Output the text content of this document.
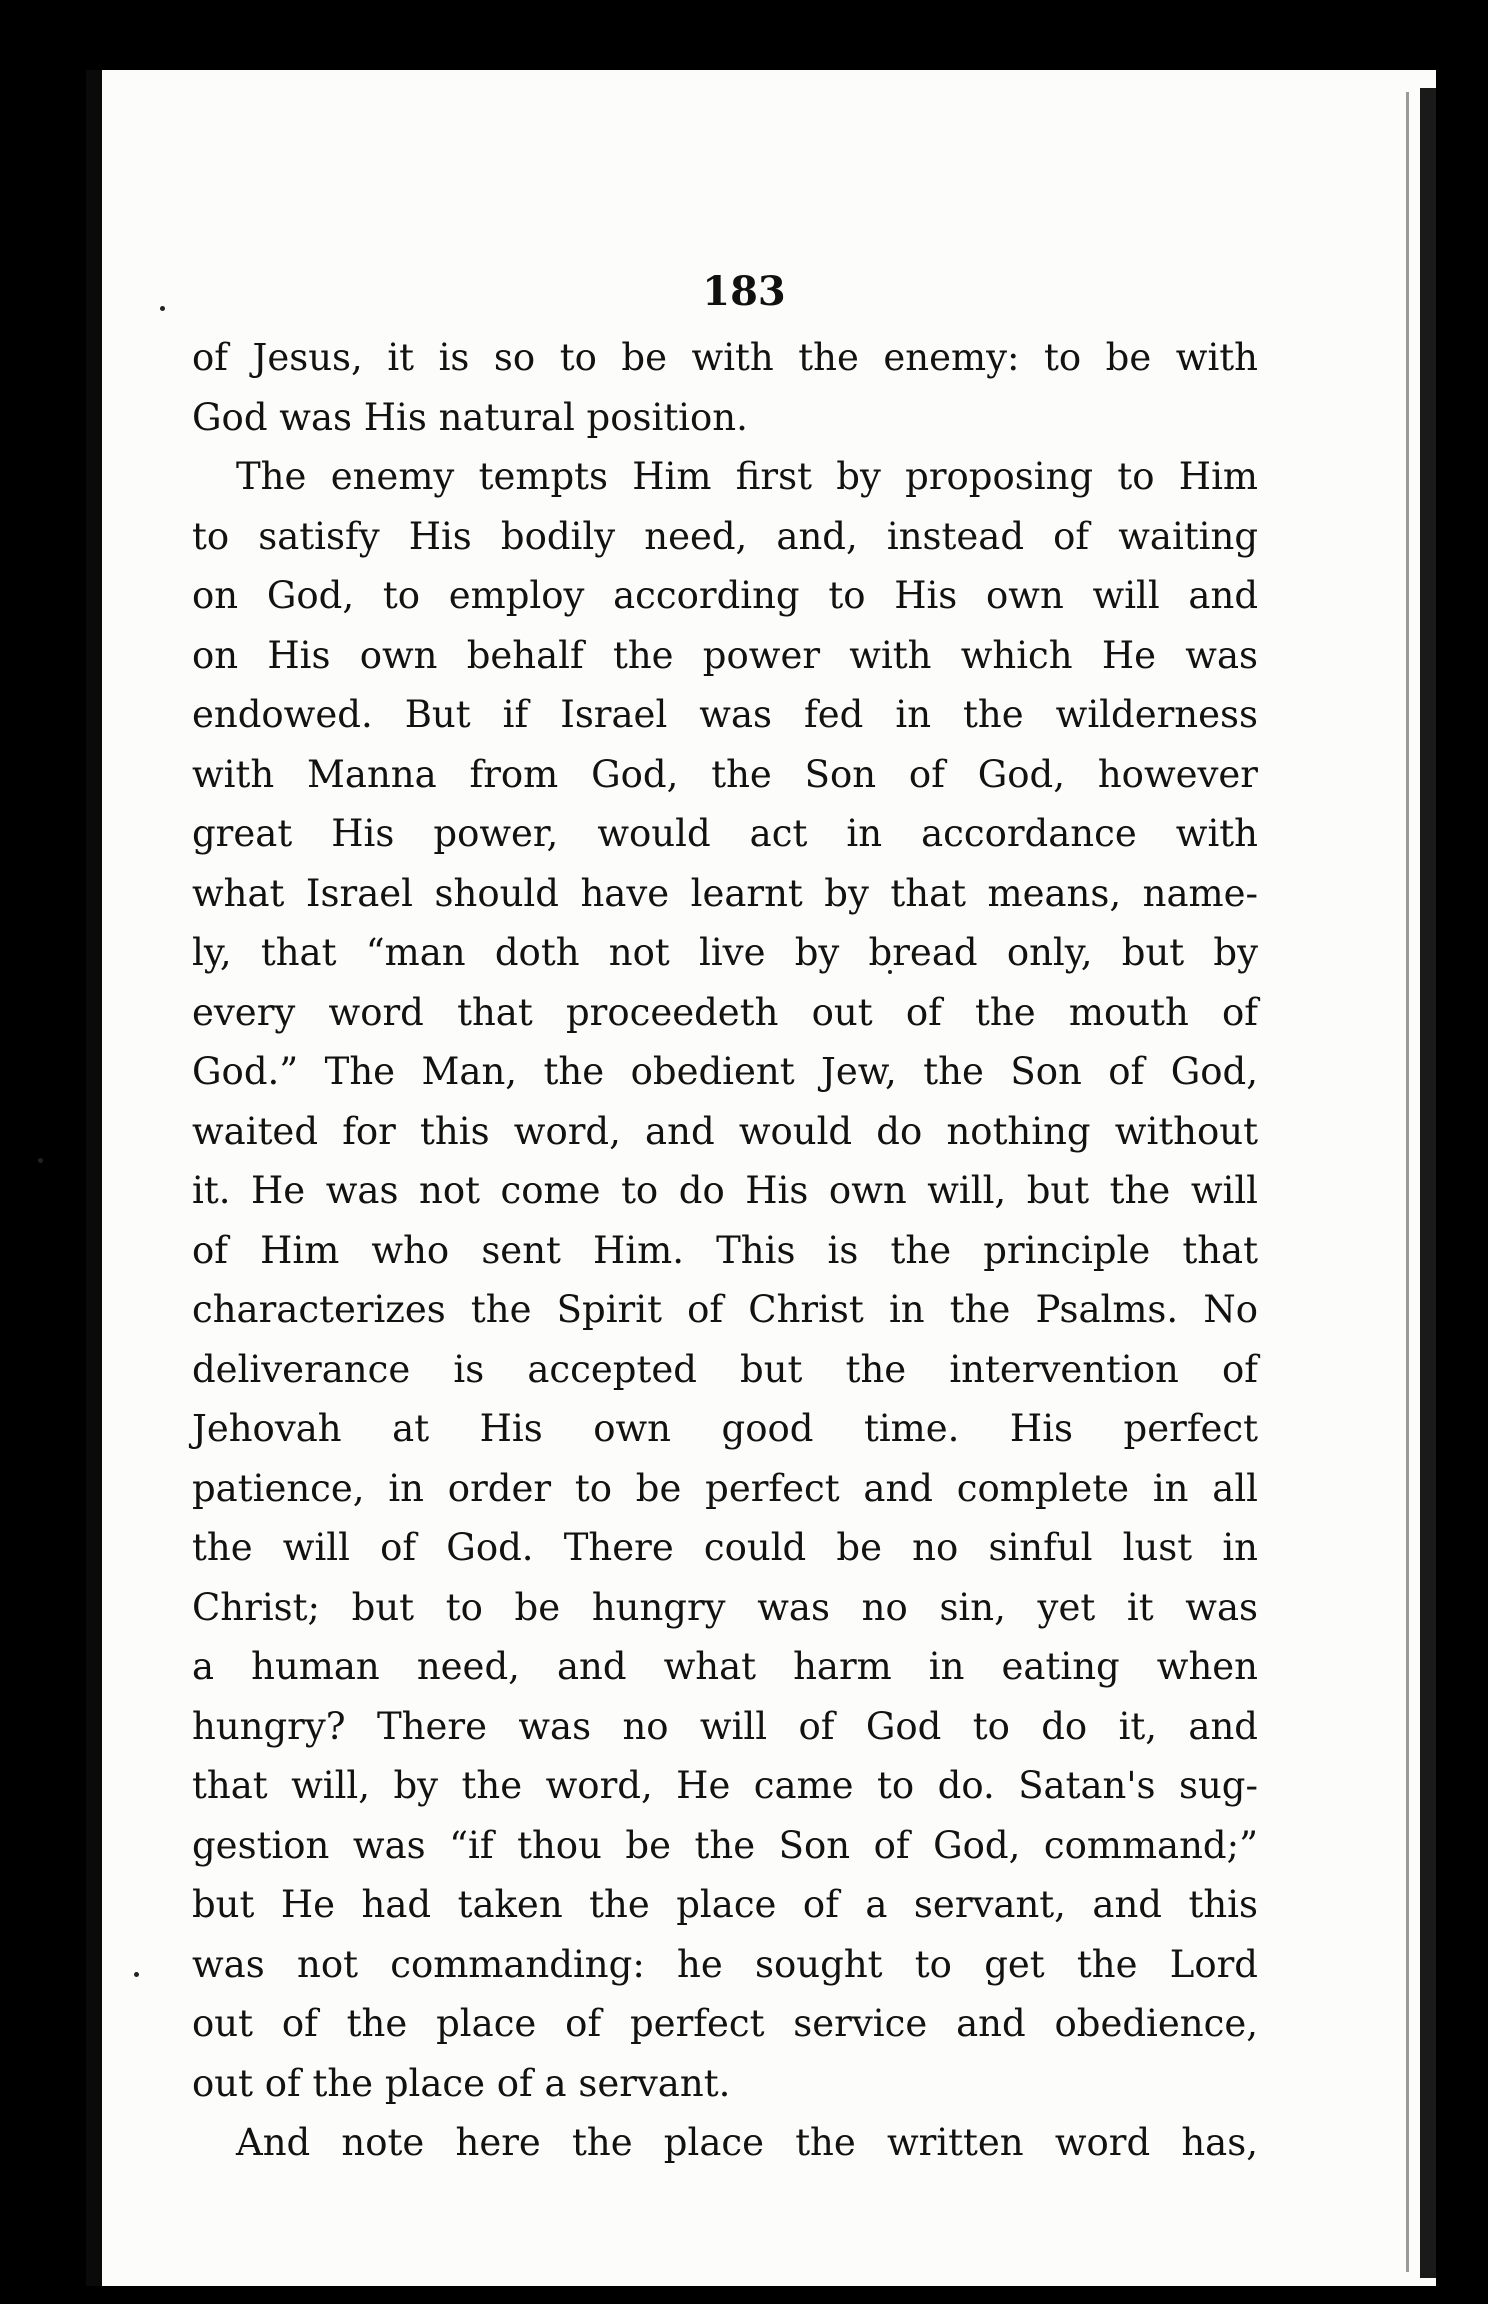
183
of Jesus, it is so to be with the enemy: to be with
God was His natural position.
The enemy tempts Him first by proposing to Him
to satisfy His bodily need, and, instead of waiting
on God, to employ according to His own will and
on His own behalf the power with which He was
endowed. But if Israel was fed in the wilderness
with Manna from God, the Son of God, however
great His power, would act in accordance with
what Israel should have learnt by that means, name-
ly, that “man doth not live by bread only, but by
every word that proceedeth out of the mouth of
God.” The Man, the obedient Jew, the Son of God,
waited for this word, and would do nothing without
it. He was not come to do His own will, but the will
of Him who sent Him. This is the principle that
characterizes the Spirit of Christ in the Psalms. No
deliverance is accepted but the intervention of
Jehovah at His own good time. His perfect
patience, in order to be perfect and complete in all
the will of God. There could be no sinful lust in
Christ; but to be hungry was no sin, yet it was
a human need, and what harm in eating when
hungry? There was no will of God to do it, and
that will, by the word, He came to do. Satan's sug-
gestion was “if thou be the Son of God, command;”
but He had taken the place of a servant, and this
was not commanding: he sought to get the Lord
out of the place of perfect service and obedience,
out of the place of a servant.
And note here the place the written word has,
